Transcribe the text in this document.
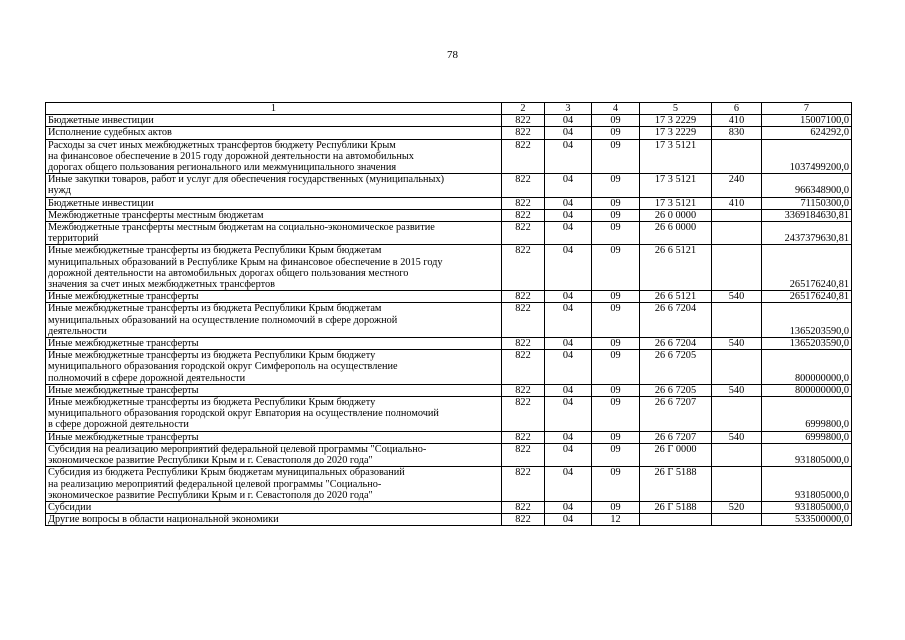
78
1	2	3	4	5	6	7
Бюджетные инвестиции	822	04	09	17 3 2229	410	15007100,0
Исполнение судебных актов	822	04	09	17 3 2229	830	624292,0
Расходы за счет иных межбюджетных трансфертов бюджету Республики Крым
на финансовое обеспечение в 2015 году дорожной деятельности на автомобильных
дорогах общего пользования регионального или межмуниципального значения	822	04	09	17 3 5121		1037499200,0
Иные закупки товаров, работ и услуг для обеспечения государственных (муниципальных)
нужд	822	04	09	17 3 5121	240	966348900,0
Бюджетные инвестиции	822	04	09	17 3 5121	410	71150300,0
Межбюджетные трансферты местным бюджетам	822	04	09	26 0 0000		3369184630,81
Межбюджетные трансферты местным бюджетам на социально-экономическое развитие
территорий	822	04	09	26 6 0000		2437379630,81
Иные межбюджетные трансферты из бюджета Республики Крым бюджетам
муниципальных образований в Республике Крым на финансовое обеспечение в 2015 году
дорожной деятельности на автомобильных дорогах общего пользования местного
значения за счет иных межбюджетных трансфертов	822	04	09	26 6 5121		265176240,81
Иные межбюджетные трансферты	822	04	09	26 6 5121	540	265176240,81
Иные межбюджетные трансферты из бюджета Республики Крым бюджетам
муниципальных образований на осуществление полномочий в сфере дорожной
деятельности	822	04	09	26 6 7204		1365203590,0
Иные межбюджетные трансферты	822	04	09	26 6 7204	540	1365203590,0
Иные межбюджетные трансферты из бюджета Республики Крым бюджету
муниципального образования городской округ Симферополь на осуществление
полномочий в сфере дорожной деятельности	822	04	09	26 6 7205		800000000,0
Иные межбюджетные трансферты	822	04	09	26 6 7205	540	800000000,0
Иные межбюджетные трансферты из бюджета Республики Крым бюджету
муниципального образования городской округ Евпатория на осуществление полномочий
в сфере дорожной деятельности	822	04	09	26 6 7207		6999800,0
Иные межбюджетные трансферты	822	04	09	26 6 7207	540	6999800,0
Субсидия на реализацию мероприятий федеральной целевой программы "Социально-
экономическое развитие Республики Крым и г. Севастополя до 2020 года"	822	04	09	26 Г 0000		931805000,0
Субсидия из бюджета Республики Крым бюджетам муниципальных образований
на реализацию мероприятий федеральной целевой программы "Социально-
экономическое развитие Республики Крым и г. Севастополя до 2020 года"	822	04	09	26 Г 5188		931805000,0
Субсидии	822	04	09	26 Г 5188	520	931805000,0
Другие вопросы в области национальной экономики	822	04	12			533500000,0
